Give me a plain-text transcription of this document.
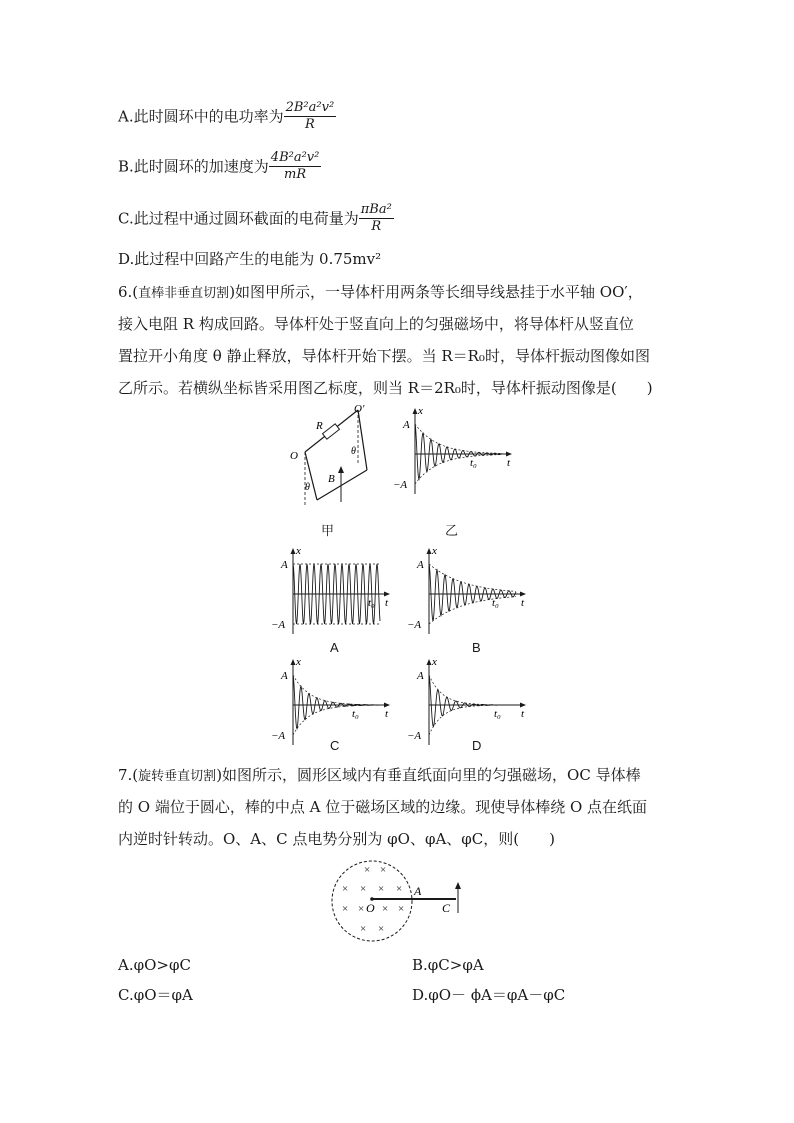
A.此时圆环中的电功率为 $\frac{\text{2B²a²v²}}{R}$
B.此时圆环的加速度为 $\frac{\text{4B²a²v²}}{mR}$
C.此过程中通过圆环截面的电荷量为 $\frac{\text{πBa²}}{R}$
D.此过程中回路产生的电能为 0.75mv²
6.(直棒非垂直切割)如图甲所示，一导体杆用两条等长细导线悬挂于水平轴 OO′，
接入电阻 R 构成回路。导体杆处于竖直向上的匀强磁场中，将导体杆从竖直位
置拉开小角度 θ 静止释放，导体杆开始下摆。当 R＝R₀时，导体杆振动图像如图
乙所示。若横纵坐标皆采用图乙标度，则当 R＝2R₀时，导体杆振动图像是(　　)
R
O
O′
θ
θ
B
甲
x
t
A
−A
t₀
乙
x
t
A
−A
t₀
A
x
t
A
−A
t₀
B
x
t
A
−A
t₀
C
x
t
A
−A
t₀
D
7.(旋转垂直切割)如图所示，圆形区域内有垂直纸面向里的匀强磁场，OC 导体棒
的 O 端位于圆心，棒的中点 A 位于磁场区域的边缘。现使导体棒绕 O 点在纸面
内逆时针转动。O、A、C 点电势分别为 φO、φA、φC，则(　　)
× ×
× × × ×
× × × ×
× ×
O
A
C
A.φO>φC	B.φC>φA
C.φO＝φA	D.φO－ ϕA＝φA－φC
